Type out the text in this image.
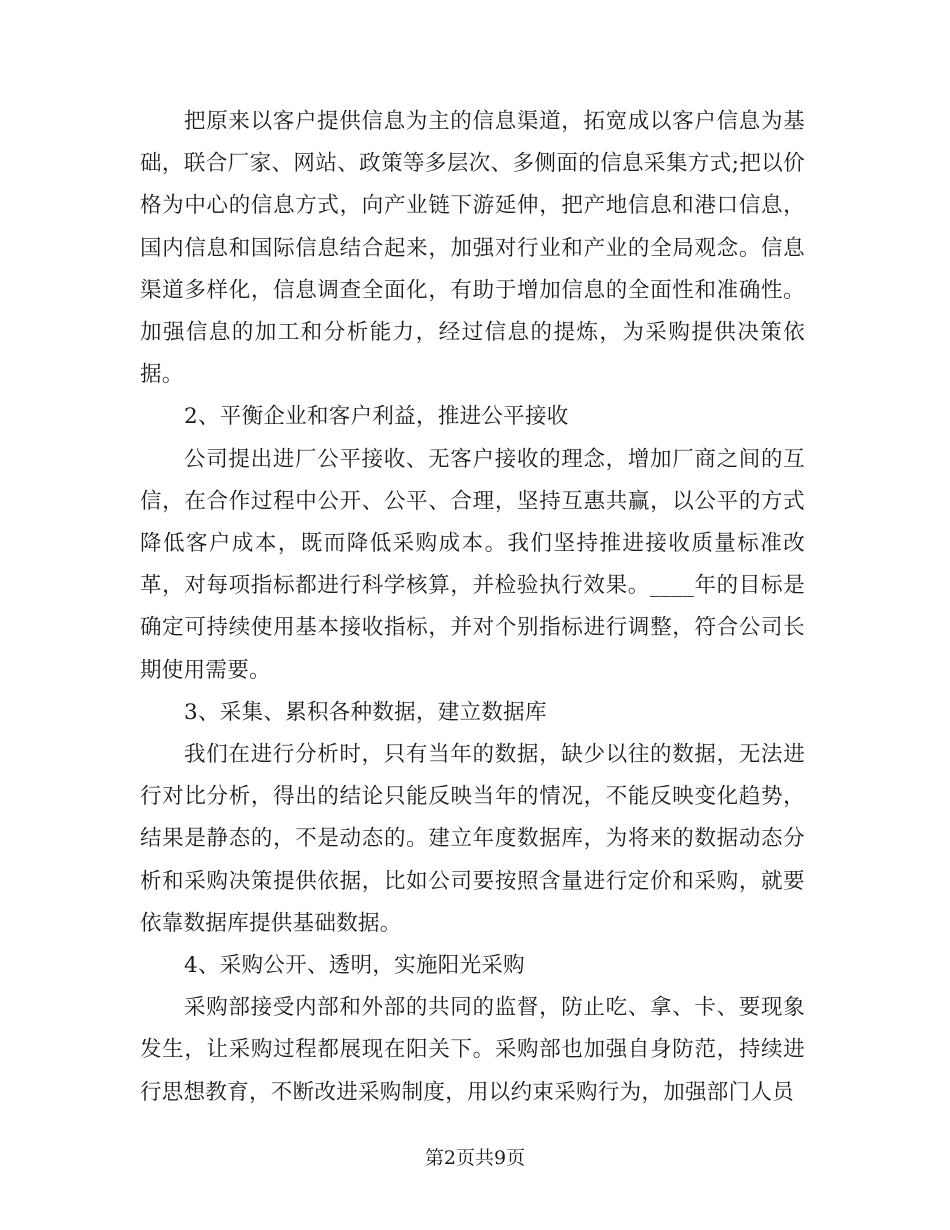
把原来以客户提供信息为主的信息渠道，拓宽成以客户信息为基础，联合厂家、网站、政策等多层次、多侧面的信息采集方式;把以价格为中心的信息方式，向产业链下游延伸，把产地信息和港口信息，国内信息和国际信息结合起来，加强对行业和产业的全局观念。信息渠道多样化，信息调查全面化，有助于增加信息的全面性和准确性。加强信息的加工和分析能力，经过信息的提炼，为采购提供决策依据。

2、平衡企业和客户利益，推进公平接收

公司提出进厂公平接收、无客户接收的理念，增加厂商之间的互信，在合作过程中公开、公平、合理，坚持互惠共赢，以公平的方式降低客户成本，既而降低采购成本。我们坚持推进接收质量标准改革，对每项指标都进行科学核算，并检验执行效果。____年的目标是确定可持续使用基本接收指标，并对个别指标进行调整，符合公司长期使用需要。

3、采集、累积各种数据，建立数据库

我们在进行分析时，只有当年的数据，缺少以往的数据，无法进行对比分析，得出的结论只能反映当年的情况，不能反映变化趋势，结果是静态的，不是动态的。建立年度数据库，为将来的数据动态分析和采购决策提供依据，比如公司要按照含量进行定价和采购，就要依靠数据库提供基础数据。

4、采购公开、透明，实施阳光采购

采购部接受内部和外部的共同的监督，防止吃、拿、卡、要现象发生，让采购过程都展现在阳关下。采购部也加强自身防范，持续进行思想教育，不断改进采购制度，用以约束采购行为，加强部门人员

第2页共9页
